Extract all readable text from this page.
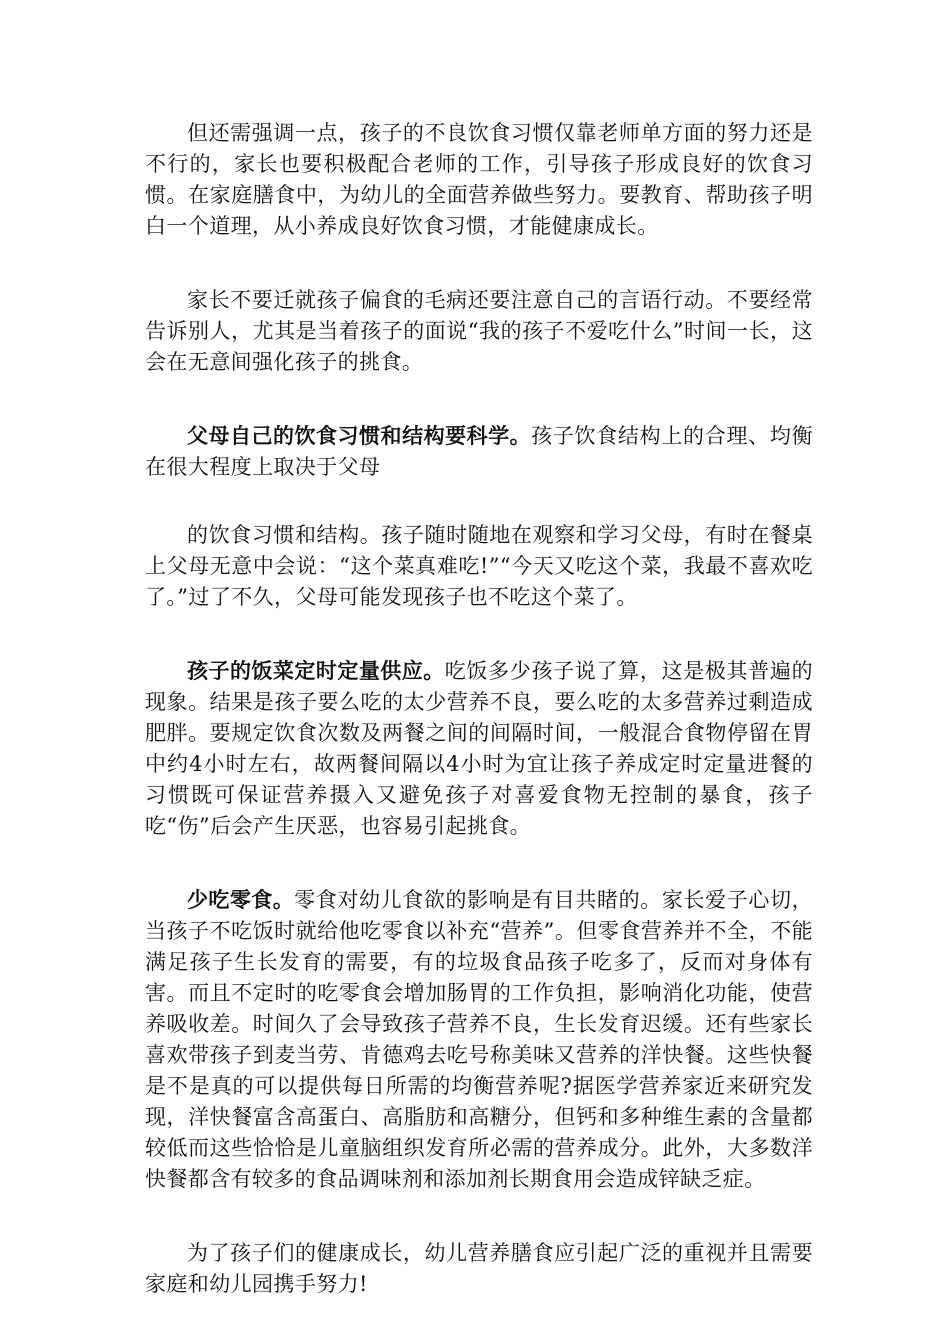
但还需强调一点，孩子的不良饮食习惯仅靠老师单方面的努力还是不行的，家长也要积极配合老师的工作，引导孩子形成良好的饮食习惯。在家庭膳食中，为幼儿的全面营养做些努力。要教育、帮助孩子明白一个道理，从小养成良好饮食习惯，才能健康成长。

家长不要迁就孩子偏食的毛病还要注意自己的言语行动。不要经常告诉别人，尤其是当着孩子的面说“我的孩子不爱吃什么”时间一长，这会在无意间强化孩子的挑食。

父母自己的饮食习惯和结构要科学。孩子饮食结构上的合理、均衡在很大程度上取决于父母

的饮食习惯和结构。孩子随时随地在观察和学习父母，有时在餐桌上父母无意中会说：“这个菜真难吃!”“今天又吃这个菜，我最不喜欢吃了。”过了不久，父母可能发现孩子也不吃这个菜了。

孩子的饭菜定时定量供应。吃饭多少孩子说了算，这是极其普遍的现象。结果是孩子要么吃的太少营养不良，要么吃的太多营养过剩造成肥胖。要规定饮食次数及两餐之间的间隔时间，一般混合食物停留在胃中约4小时左右，故两餐间隔以4小时为宜让孩子养成定时定量进餐的习惯既可保证营养摄入又避免孩子对喜爱食物无控制的暴食，孩子吃“伤”后会产生厌恶，也容易引起挑食。

少吃零食。零食对幼儿食欲的影响是有目共睹的。家长爱子心切，当孩子不吃饭时就给他吃零食以补充“营养”。但零食营养并不全，不能满足孩子生长发育的需要，有的垃圾食品孩子吃多了，反而对身体有害。而且不定时的吃零食会增加肠胃的工作负担，影响消化功能，使营养吸收差。时间久了会导致孩子营养不良，生长发育迟缓。还有些家长喜欢带孩子到麦当劳、肯德鸡去吃号称美味又营养的洋快餐。这些快餐是不是真的可以提供每日所需的均衡营养呢?据医学营养家近来研究发现，洋快餐富含高蛋白、高脂肪和高糖分，但钙和多种维生素的含量都较低而这些恰恰是儿童脑组织发育所必需的营养成分。此外，大多数洋快餐都含有较多的食品调味剂和添加剂长期食用会造成锌缺乏症。

为了孩子们的健康成长，幼儿营养膳食应引起广泛的重视并且需要家庭和幼儿园携手努力!
